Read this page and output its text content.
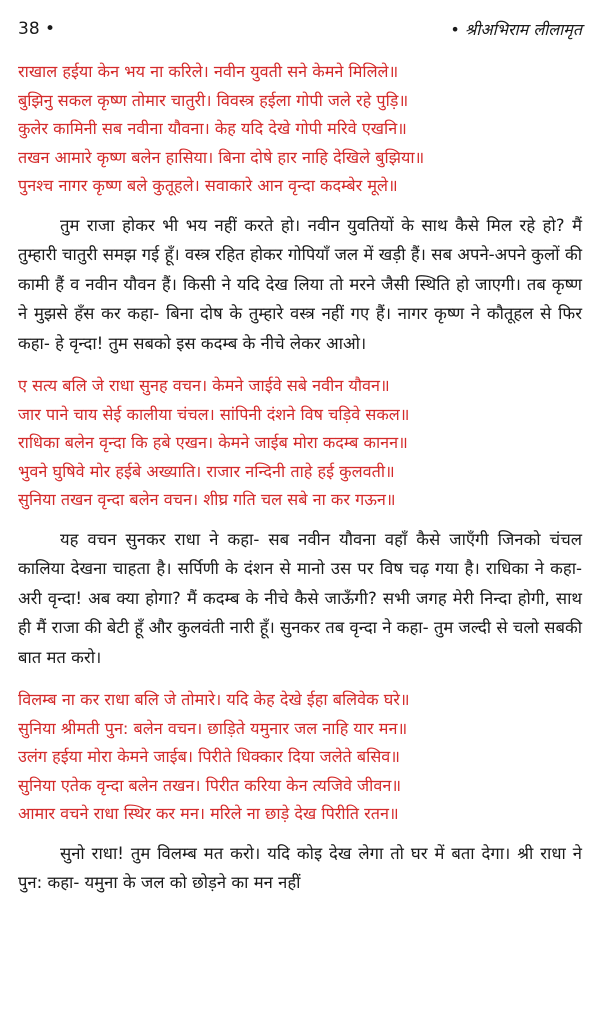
38 •	• श्रीअभिराम लीलामृत
राखाल हईया केन भय ना करिले। नवीन युवती सने केमने मिलिले॥
बुझिनु सकल कृष्ण तोमार चातुरी। विवस्त्र हईला गोपी जले रहे पुड़ि॥
कुलेर कामिनी सब नवीना यौवना। केह यदि देखे गोपी मरिवे एखनि॥
तखन आमारे कृष्ण बलेन हासिया। बिना दोषे हार नाहि देखिले बुझिया॥
पुनश्च नागर कृष्ण बले कुतूहले। सवाकारे आन वृन्दा कदम्बेर मूले॥
तुम राजा होकर भी भय नहीं करते हो। नवीन युवतियों के साथ कैसे मिल रहे हो? मैं तुम्हारी चातुरी समझ गई हूँ। वस्त्र रहित होकर गोपियाँ जल में खड़ी हैं। सब अपने-अपने कुलों की कामी हैं व नवीन यौवन हैं। किसी ने यदि देख लिया तो मरने जैसी स्थिति हो जाएगी। तब कृष्ण ने मुझसे हँस कर कहा- बिना दोष के तुम्हारे वस्त्र नहीं गए हैं। नागर कृष्ण ने कौतूहल से फिर कहा- हे वृन्दा! तुम सबको इस कदम्ब के नीचे लेकर आओ।
ए सत्य बलि जे राधा सुनह वचन। केमने जाईवे सबे नवीन यौवन॥
जार पाने चाय सेई कालीया चंचल। सांपिनी दंशने विष चड़िवे सकल॥
राधिका बलेन वृन्दा कि हबे एखन। केमने जाईब मोरा कदम्ब कानन॥
भुवने घुषिवे मोर हईबे अख्याति। राजार नन्दिनी ताहे हई कुलवती॥
सुनिया तखन वृन्दा बलेन वचन। शीघ्र गति चल सबे ना कर गऊन॥
यह वचन सुनकर राधा ने कहा- सब नवीन यौवना वहाँ कैसे जाएँगी जिनको चंचल कालिया देखना चाहता है। सर्पिणी के दंशन से मानो उस पर विष चढ़ गया है। राधिका ने कहा- अरी वृन्दा! अब क्या होगा? मैं कदम्ब के नीचे कैसे जाऊँगी? सभी जगह मेरी निन्दा होगी, साथ ही मैं राजा की बेटी हूँ और कुलवंती नारी हूँ। सुनकर तब वृन्दा ने कहा- तुम जल्दी से चलो सबकी बात मत करो।
विलम्ब ना कर राधा बलि जे तोमारे। यदि केह देखे ईहा बलिवेक घरे॥
सुनिया श्रीमती पुन: बलेन वचन। छाड़िते यमुनार जल नाहि यार मन॥
उलंग हईया मोरा केमने जाईब। पिरीते धिक्कार दिया जलेते बसिव॥
सुनिया एतेक वृन्दा बलेन तखन। पिरीत करिया केन त्यजिवे जीवन॥
आमार वचने राधा स्थिर कर मन। मरिले ना छाड़े देख पिरीति रतन॥
सुनो राधा! तुम विलम्ब मत करो। यदि कोइ देख लेगा तो घर में बता देगा। श्री राधा ने पुन: कहा- यमुना के जल को छोड़ने का मन नहीं
